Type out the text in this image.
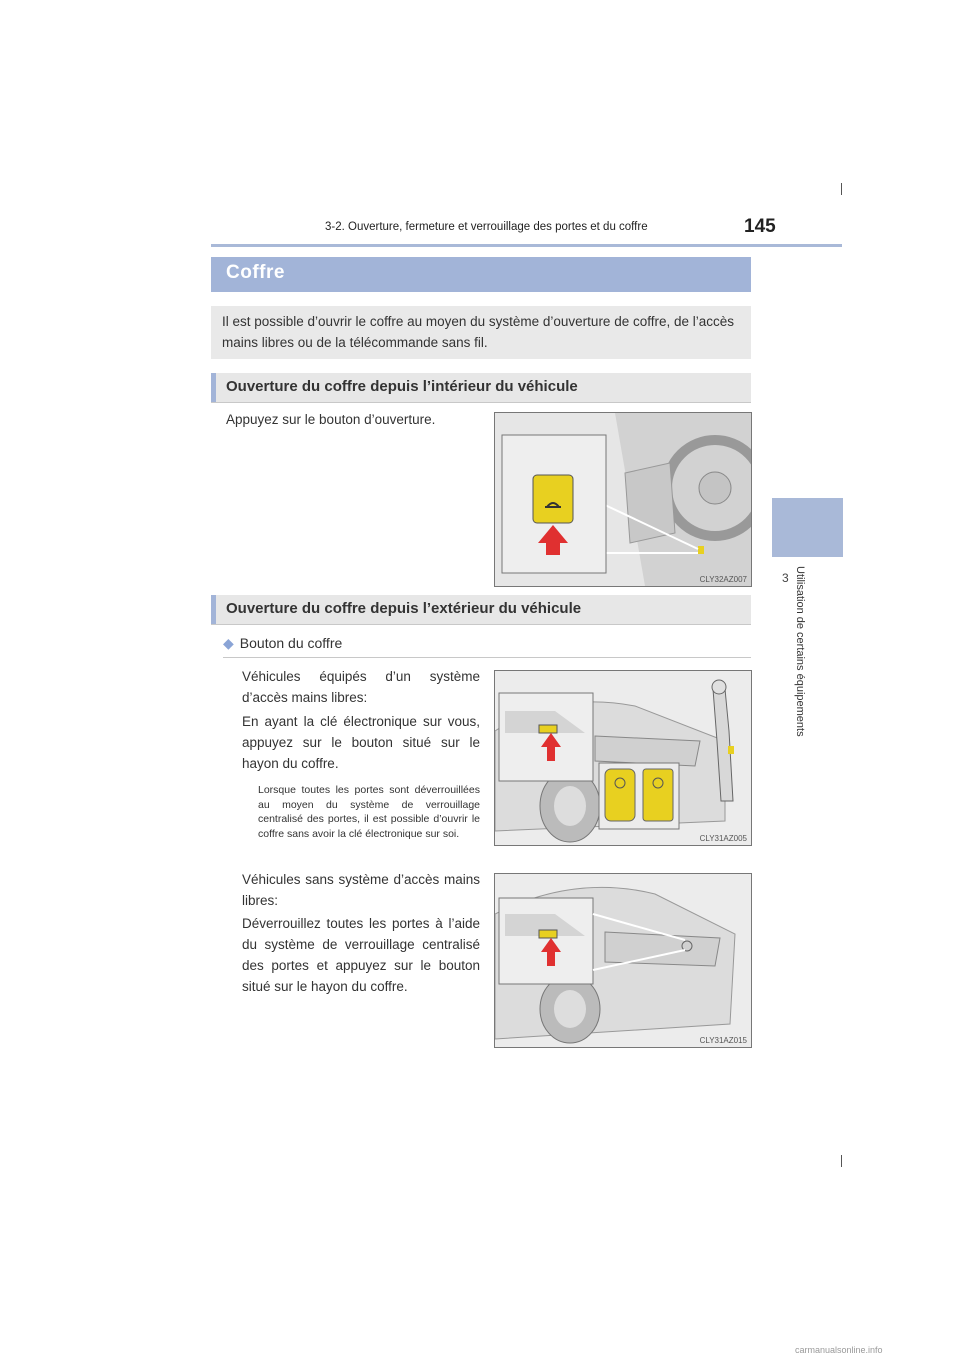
3-2. Ouverture, fermeture et verrouillage des portes et du coffre	145
3 Utilisation de certains équipements
Coffre

Il est possible d’ouvrir le coffre au moyen du système d’ouverture de coffre, de l’accès mains libres ou de la télécommande sans fil.

Ouverture du coffre depuis l’intérieur du véhicule

Appuyez sur le bouton d’ouverture.

CLY32AZ007
Ouverture du coffre depuis l’extérieur du véhicule
◆ Bouton du coffre

Véhicules équipés d’un système d’accès mains libres:

En ayant la clé électronique sur vous, appuyez sur le bouton situé sur le hayon du coffre.

Lorsque toutes les portes sont déverrouillées au moyen du système de verrouillage centralisé des portes, il est possible d’ouvrir le coffre sans avoir la clé électronique sur soi.	CLY31AZ005

Véhicules sans système d’accès mains libres:

Déverrouillez toutes les portes à l’aide du système de verrouillage centralisé des portes et appuyez sur le bouton situé sur le hayon du coffre.

CLY31AZ015
carmanualsonline.info
